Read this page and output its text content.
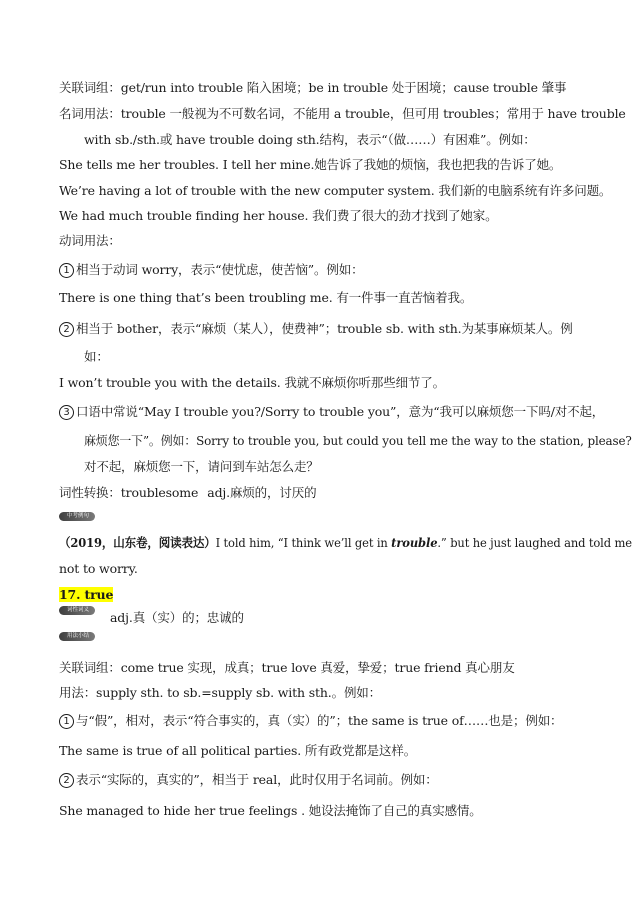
关联词组：get/run into trouble 陷入困境；be in trouble 处于困境；cause trouble 肇事
名词用法：trouble 一般视为不可数名词，不能用 a trouble，但可用 troubles；常用于 have trouble
with sb./sth.或 have trouble doing sth.结构，表示“（做……）有困难”。例如：
She tells me her troubles. I tell her mine.她告诉了我她的烦恼，我也把我的告诉了她。
We’re having a lot of trouble with the new computer system. 我们新的电脑系统有许多问题。
We had much trouble finding her house. 我们费了很大的劲才找到了她家。
动词用法：
1 相当于动词 worry，表示“使忧虑，使苦恼”。例如：
There is one thing that’s been troubling me. 有一件事一直苦恼着我。
2 相当于 bother，表示“麻烦（某人），使费神”；trouble sb. with sth.为某事麻烦某人。例
如：
I won’t trouble you with the details. 我就不麻烦你听那些细节了。
3 口语中常说“May I trouble you?/Sorry to trouble you”，意为“我可以麻烦您一下吗/对不起，
麻烦您一下”。例如：Sorry to trouble you, but could you tell me the way to the station, please?
对不起，麻烦您一下，请问到车站怎么走？
词性转换：troublesome adj.麻烦的，讨厌的
中考例句
（2019，山东卷，阅读表达）I told him, “I think we’ll get in trouble.” but he just laughed and told me
not to worry.
17. true
词性词义	adj.真（实）的；忠诚的
用法小结
关联词组：come true 实现，成真；true love 真爱，挚爱；true friend 真心朋友
用法：supply sth. to sb.=supply sb. with sth.。例如：
1 与“假”，相对，表示“符合事实的，真（实）的”；the same is true of……也是；例如：
The same is true of all political parties. 所有政党都是这样。
2 表示“实际的，真实的”，相当于 real，此时仅用于名词前。例如：
She managed to hide her true feelings . 她设法掩饰了自己的真实感情。
